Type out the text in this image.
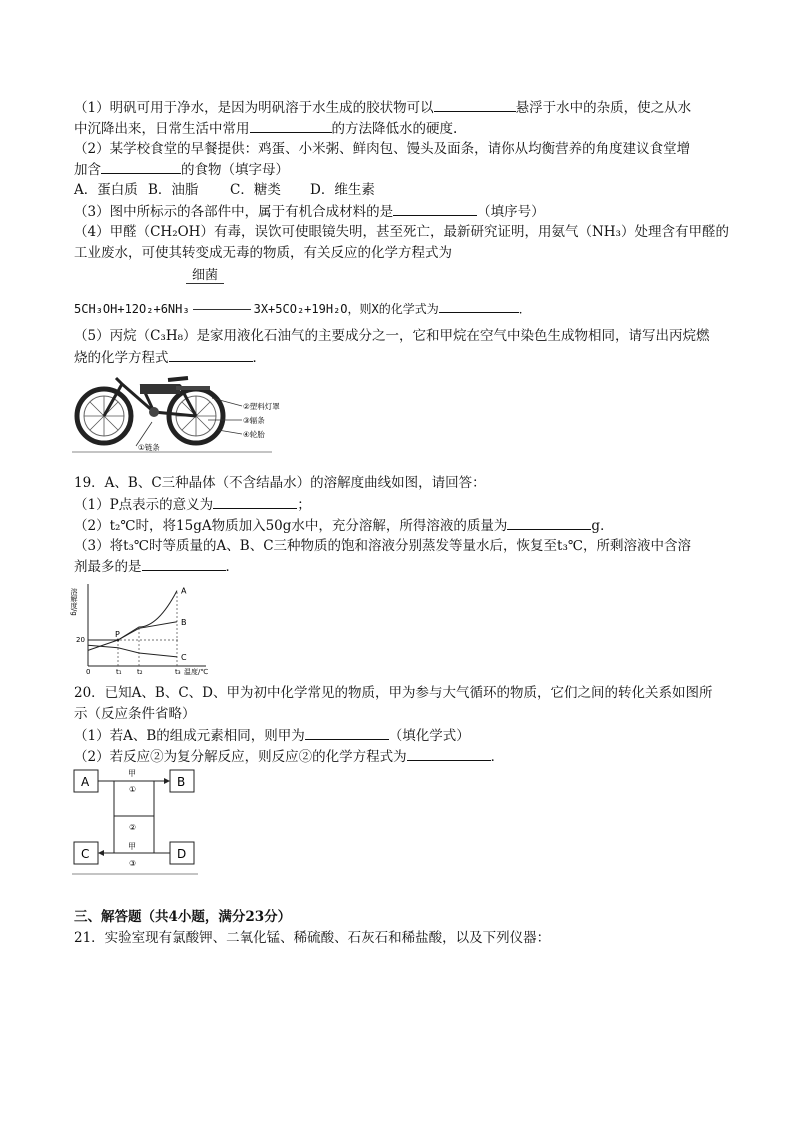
（1）明矾可用于净水，是因为明矾溶于水生成的胶状物可以	悬浮于水中的杂质，使之从水
中沉降出来，日常生活中常用	的方法降低水的硬度.
（2）某学校食堂的早餐提供：鸡蛋、小米粥、鲜肉包、馒头及面条，请你从均衡营养的角度建议食堂增
加含	的食物（填字母）
A．蛋白质 B．油脂 C．糖类 D．维生素
（3）图中所标示的各部件中，属于有机合成材料的是	（填序号）
（4）甲醛（CH₂OH）有毒，误饮可使眼镜失明，甚至死亡，最新研究证明，用氨气（NH₃）处理含有甲醛的
工业废水，可使其转变成无毒的物质，有关反应的化学方程式为
细菌
5CH₃OH+12O₂+6NH₃	3X+5CO₂+19H₂O，则X的化学式为	．
（5）丙烷（C₃H₈）是家用液化石油气的主要成分之一，它和甲烷在空气中染色生成物相同，请写出丙烷燃
烧的化学方程式	．
②塑料灯罩
③辐条
④轮胎
①链条
19．A、B、C三种晶体（不含结晶水）的溶解度曲线如图，请回答：
（1）P点表示的意义为	；
（2）t₂℃时，将15gA物质加入50g水中，充分溶解，所得溶液的质量为	g．
（3）将t₃℃时等质量的A、B、C三种物质的饱和溶液分别蒸发等量水后，恢复至t₃℃，所剩溶液中含溶
剂最多的是	．
溶解度/g
温度/℃
0	t₁ t₂	t₃
20
A
B
C
P
20．已知A、B、C、D、甲为初中化学常见的物质，甲为参与大气循环的物质，它们之间的转化关系如图所
示（反应条件省略）
（1）若A、B的组成元素相同，则甲为	（填化学式）
（2）若反应②为复分解反应，则反应②的化学方程式为	．
A	B
C	D
甲
①
②
甲
③
三、解答题（共4小题，满分23分）
21．实验室现有氯酸钾、二氧化锰、稀硫酸、石灰石和稀盐酸，以及下列仪器：
